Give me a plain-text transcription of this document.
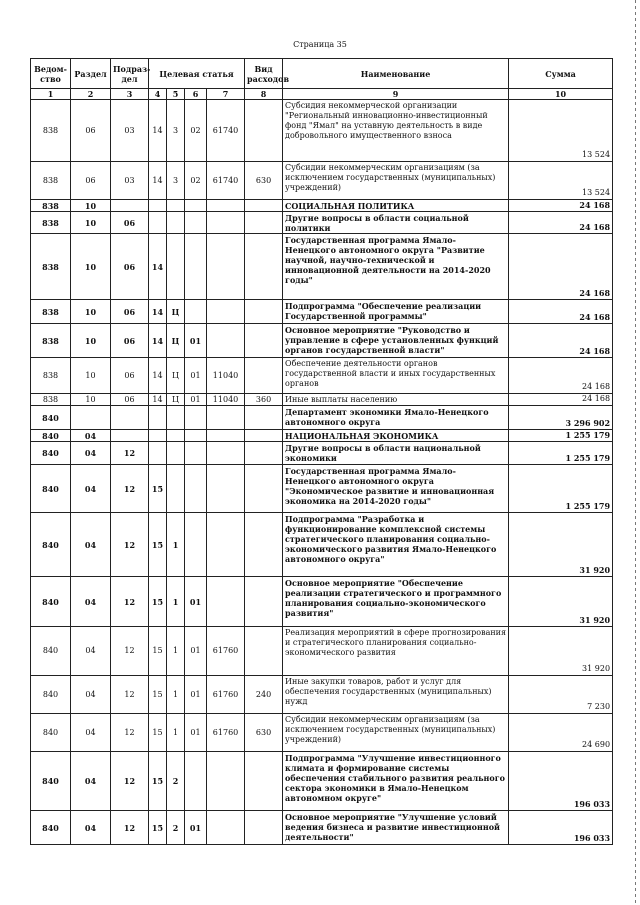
Страница 35
Ведом-ство	Раздел	Подраз-дел	Целевая статья				Вид расходов	Наименование	Сумма
1	2	3	4	5	6	7	8	9	10
838	06	03	14	3	02	61740		Субсидия некоммерческой организации "Региональный инновационно-инвестиционный фонд "Ямал" на уставную деятельность в виде добровольного имущественного взноса	13 524
838	06	03	14	3	02	61740	630	Субсидии некоммерческим организациям (за исключением государственных (муниципальных) учреждений)	13 524
838	10							СОЦИАЛЬНАЯ ПОЛИТИКА	24 168
838	10	06						Другие вопросы в области социальной политики	24 168
838	10	06	14					Государственная программа Ямало-Ненецкого автономного округа "Развитие научной, научно-технической и инновационной деятельности на 2014-2020 годы"	24 168
838	10	06	14	Ц				Подпрограмма "Обеспечение реализации Государственной программы"	24 168
838	10	06	14	Ц	01			Основное мероприятие "Руководство и управление в сфере установленных функций органов государственной власти"	24 168
838	10	06	14	Ц	01	11040		Обеспечение деятельности органов государственной власти и иных государственных органов	24 168
838	10	06	14	Ц	01	11040	360	Иные выплаты населению	24 168
840								Департамент экономики Ямало-Ненецкого автономного округа	3 296 902
840	04							НАЦИОНАЛЬНАЯ ЭКОНОМИКА	1 255 179
840	04	12						Другие вопросы в области национальной экономики	1 255 179
840	04	12	15					Государственная программа Ямало-Ненецкого автономного округа "Экономическое развитие и инновационная экономика на 2014-2020 годы"	1 255 179
840	04	12	15	1				Подпрограмма "Разработка и функционирование комплексной системы стратегического планирования социально-экономического развития Ямало-Ненецкого автономного округа"	31 920
840	04	12	15	1	01			Основное мероприятие "Обеспечение реализации стратегического и программного планирования социально-экономического развития"	31 920
840	04	12	15	1	01	61760		Реализация мероприятий в сфере прогнозирования и стратегического планирования социально-экономического развития	31 920
840	04	12	15	1	01	61760	240	Иные закупки товаров, работ и услуг для обеспечения государственных (муниципальных) нужд	7 230
840	04	12	15	1	01	61760	630	Субсидии некоммерческим организациям (за исключением государственных (муниципальных) учреждений)	24 690
840	04	12	15	2				Подпрограмма "Улучшение инвестиционного климата и формирование системы обеспечения стабильного развития реального сектора экономики в Ямало-Ненецком автономном округе"	196 033
840	04	12	15	2	01			Основное мероприятие "Улучшение условий ведения бизнеса и развитие инвестиционной деятельности"	196 033
